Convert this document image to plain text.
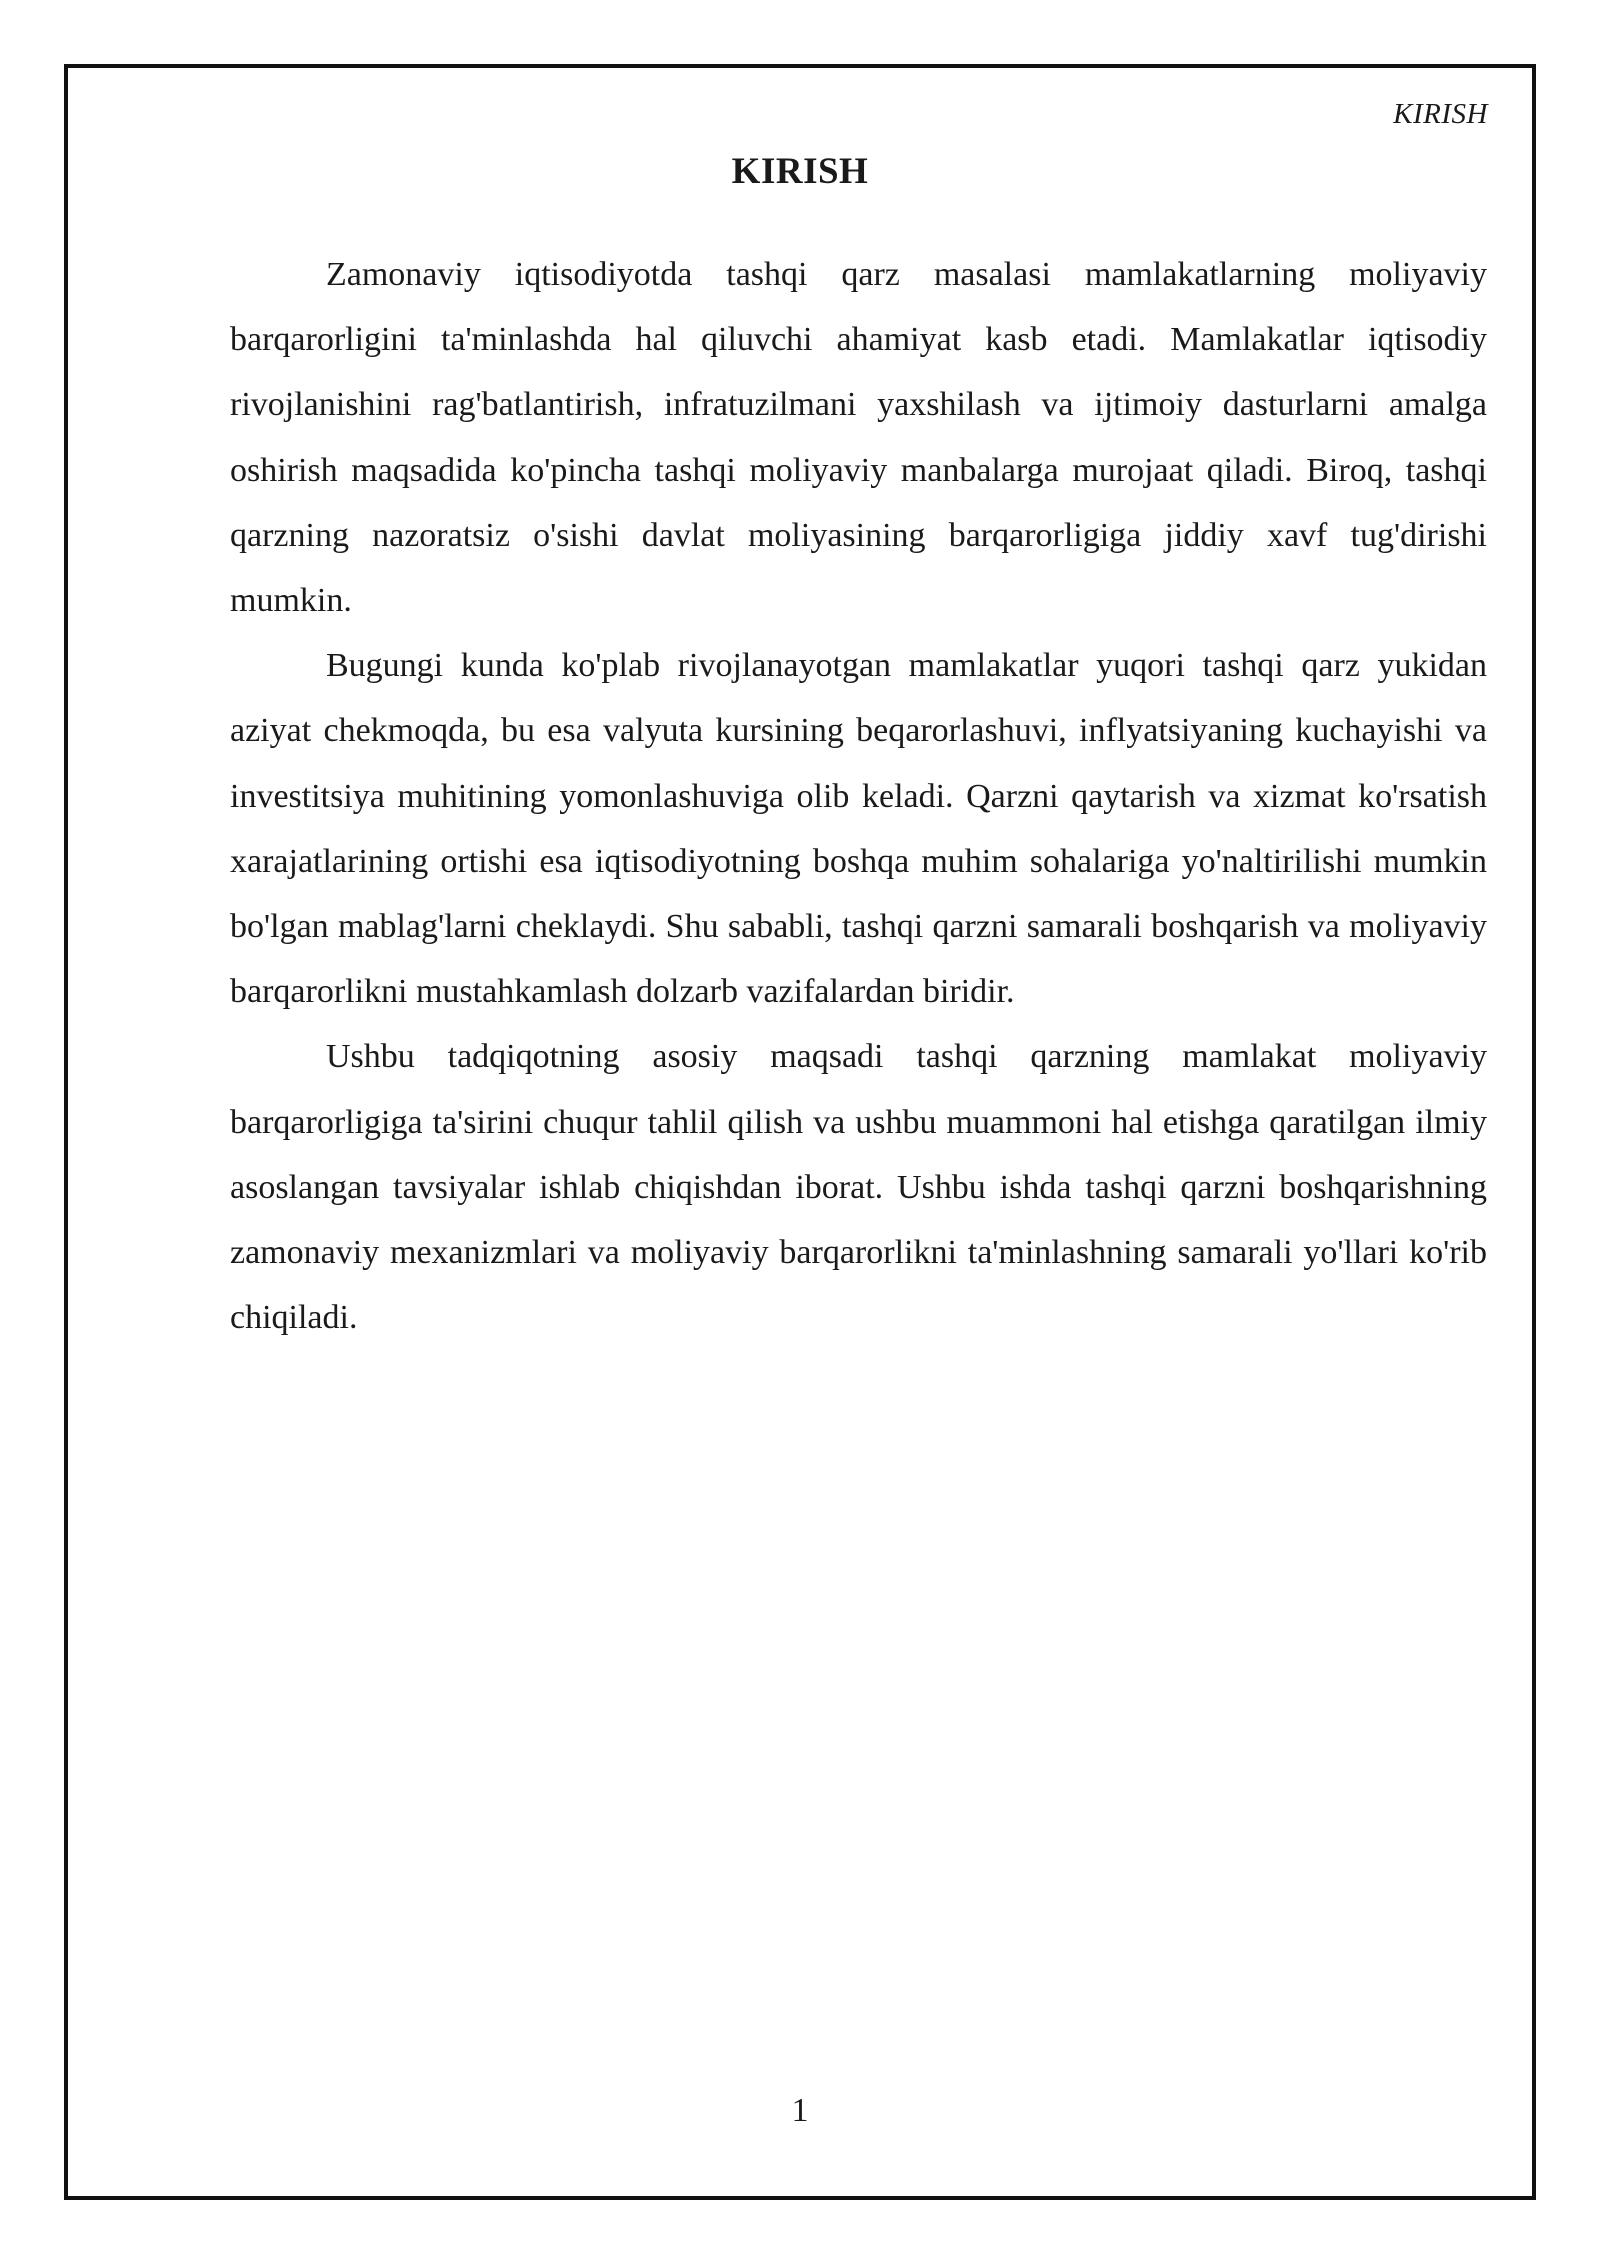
KIRISH
KIRISH

Zamonaviy iqtisodiyotda tashqi qarz masalasi mamlakatlarning moliyaviy barqarorligini ta'minlashda hal qiluvchi ahamiyat kasb etadi. Mamlakatlar iqtisodiy rivojlanishini rag'batlantirish, infratuzilmani yaxshilash va ijtimoiy dasturlarni amalga oshirish maqsadida ko'pincha tashqi moliyaviy manbalarga murojaat qiladi. Biroq, tashqi qarzning nazoratsiz o'sishi davlat moliyasining barqarorligiga jiddiy xavf tug'dirishi mumkin.

Bugungi kunda ko'plab rivojlanayotgan mamlakatlar yuqori tashqi qarz yukidan aziyat chekmoqda, bu esa valyuta kursining beqarorlashuvi, inflyatsiyaning kuchayishi va investitsiya muhitining yomonlashuviga olib keladi. Qarzni qaytarish va xizmat ko'rsatish xarajatlarining ortishi esa iqtisodiyotning boshqa muhim sohalariga yo'naltirilishi mumkin bo'lgan mablag'larni cheklaydi. Shu sababli, tashqi qarzni samarali boshqarish va moliyaviy barqarorlikni mustahkamlash dolzarb vazifalardan biridir.

Ushbu tadqiqotning asosiy maqsadi tashqi qarzning mamlakat moliyaviy barqarorligiga ta'sirini chuqur tahlil qilish va ushbu muammoni hal etishga qaratilgan ilmiy asoslangan tavsiyalar ishlab chiqishdan iborat. Ushbu ishda tashqi qarzni boshqarishning zamonaviy mexanizmlari va moliyaviy barqarorlikni ta'minlashning samarali yo'llari ko'rib chiqiladi.

1
